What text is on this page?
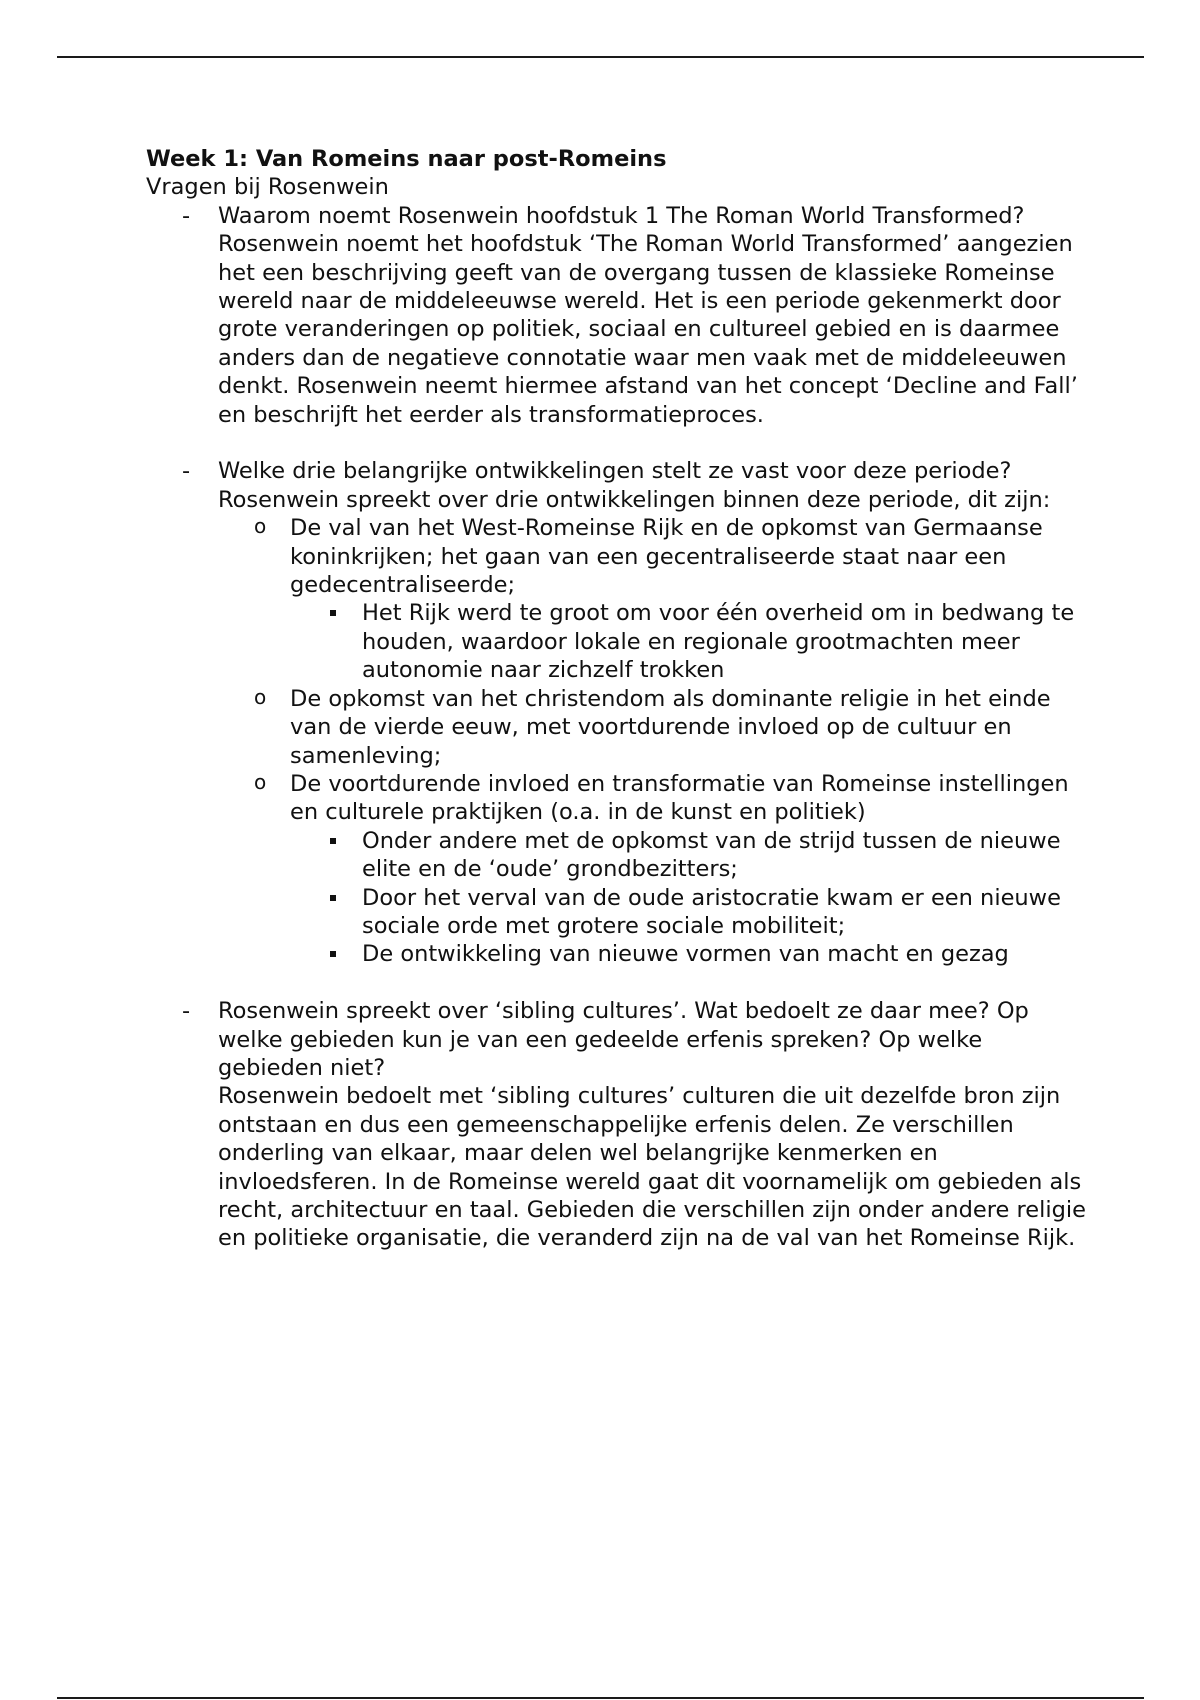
Week 1: Van Romeins naar post-Romeins

Vragen bij Rosenwein

- Waarom noemt Rosenwein hoofdstuk 1 The Roman World Transformed?

Rosenwein noemt het hoofdstuk ‘The Roman World Transformed’ aangezien het een beschrijving geeft van de overgang tussen de klassieke Romeinse wereld naar de middeleeuwse wereld. Het is een periode gekenmerkt door grote veranderingen op politiek, sociaal en cultureel gebied en is daarmee anders dan de negatieve connotatie waar men vaak met de middeleeuwen denkt. Rosenwein neemt hiermee afstand van het concept ‘Decline and Fall’ en beschrijft het eerder als transformatieproces.

- Welke drie belangrijke ontwikkelingen stelt ze vast voor deze periode?

Rosenwein spreekt over drie ontwikkelingen binnen deze periode, dit zijn:

o De val van het West-Romeinse Rijk en de opkomst van Germaanse koninkrijken; het gaan van een gecentraliseerde staat naar een gedecentraliseerde;
Het Rijk werd te groot om voor één overheid om in bedwang te houden, waardoor lokale en regionale grootmachten meer autonomie naar zichzelf trokken
o De opkomst van het christendom als dominante religie in het einde van de vierde eeuw, met voortdurende invloed op de cultuur en samenleving;
o De voortdurende invloed en transformatie van Romeinse instellingen en culturele praktijken (o.a. in de kunst en politiek)
Onder andere met de opkomst van de strijd tussen de nieuwe elite en de ‘oude’ grondbezitters;
Door het verval van de oude aristocratie kwam er een nieuwe sociale orde met grotere sociale mobiliteit;
De ontwikkeling van nieuwe vormen van macht en gezag
- Rosenwein spreekt over ‘sibling cultures’. Wat bedoelt ze daar mee? Op welke gebieden kun je van een gedeelde erfenis spreken? Op welke gebieden niet?

Rosenwein bedoelt met ‘sibling cultures’ culturen die uit dezelfde bron zijn ontstaan en dus een gemeenschappelijke erfenis delen. Ze verschillen onderling van elkaar, maar delen wel belangrijke kenmerken en invloedsferen. In de Romeinse wereld gaat dit voornamelijk om gebieden als recht, architectuur en taal. Gebieden die verschillen zijn onder andere religie en politieke organisatie, die veranderd zijn na de val van het Romeinse Rijk.
